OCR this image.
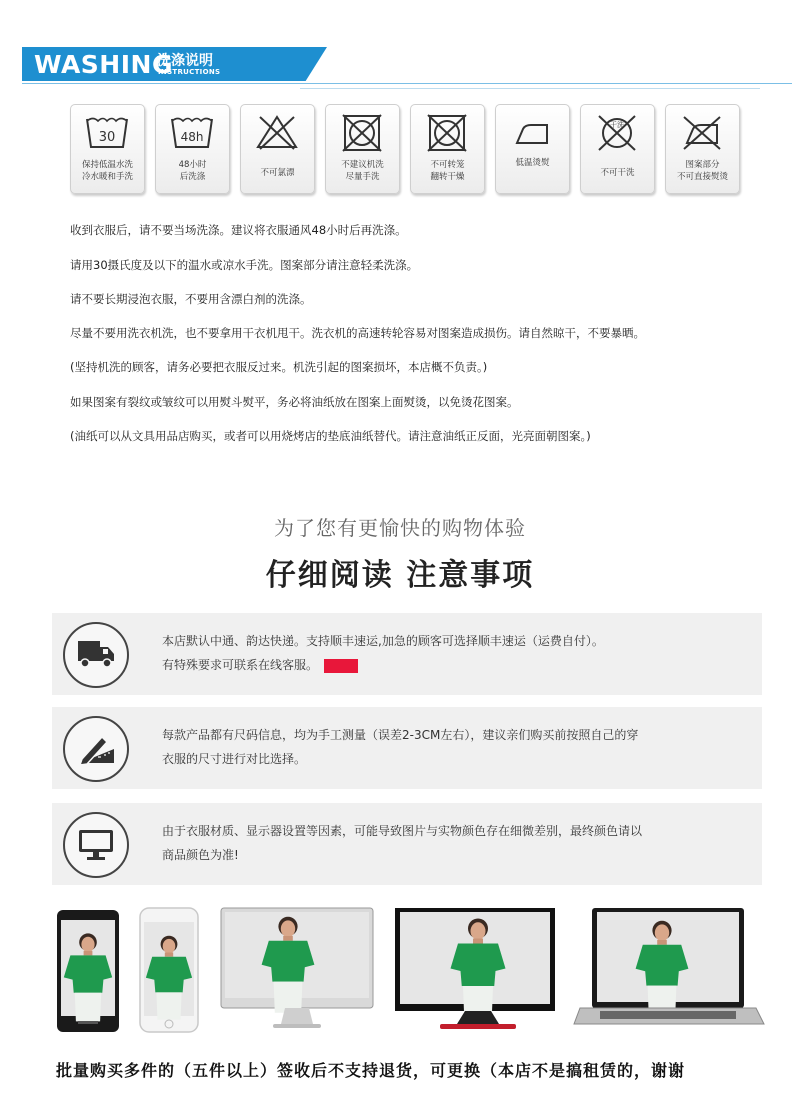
WASHING
洗涤说明
INSTRUCTIONS
30
保持低温水洗
冷水暖和手洗
48h
48小时
后洗涤	不可氯漂
不建议机洗
尽量手洗
不可转笼
翻转干燥
低温烫熨
干洗
不可干洗
图案部分
不可直接熨烫
收到衣服后，请不要当场洗涤。建议将衣服通风48小时后再洗涤。
请用30摄氏度及以下的温水或凉水手洗。图案部分请注意轻柔洗涤。
请不要长期浸泡衣服，不要用含漂白剂的洗涤。
尽量不要用洗衣机洗，也不要拿用干衣机甩干。洗衣机的高速转轮容易对图案造成损伤。请自然晾干，不要暴晒。
(坚持机洗的顾客，请务必要把衣服反过来。机洗引起的图案损坏，本店概不负责。)
如果图案有裂纹或皱纹可以用熨斗熨平，务必将油纸放在图案上面熨烫，以免烫花图案。
(油纸可以从文具用品店购买，或者可以用烧烤店的垫底油纸替代。请注意油纸正反面，光亮面朝图案。)
为了您有更愉快的购物体验
仔细阅读 注意事项
本店默认中通、韵达快递。支持顺丰速运,加急的顾客可选择顺丰速运（运费自付）。
有特殊要求可联系在线客服。
每款产品都有尺码信息，均为手工测量（误差2-3CM左右），建议亲们购买前按照自己的穿
衣服的尺寸进行对比选择。
由于衣服材质、显示器设置等因素，可能导致图片与实物颜色存在细微差别，最终颜色请以
商品颜色为准!
批量购买多件的（五件以上）签收后不支持退货，可更换（本店不是搞租赁的，谢谢
